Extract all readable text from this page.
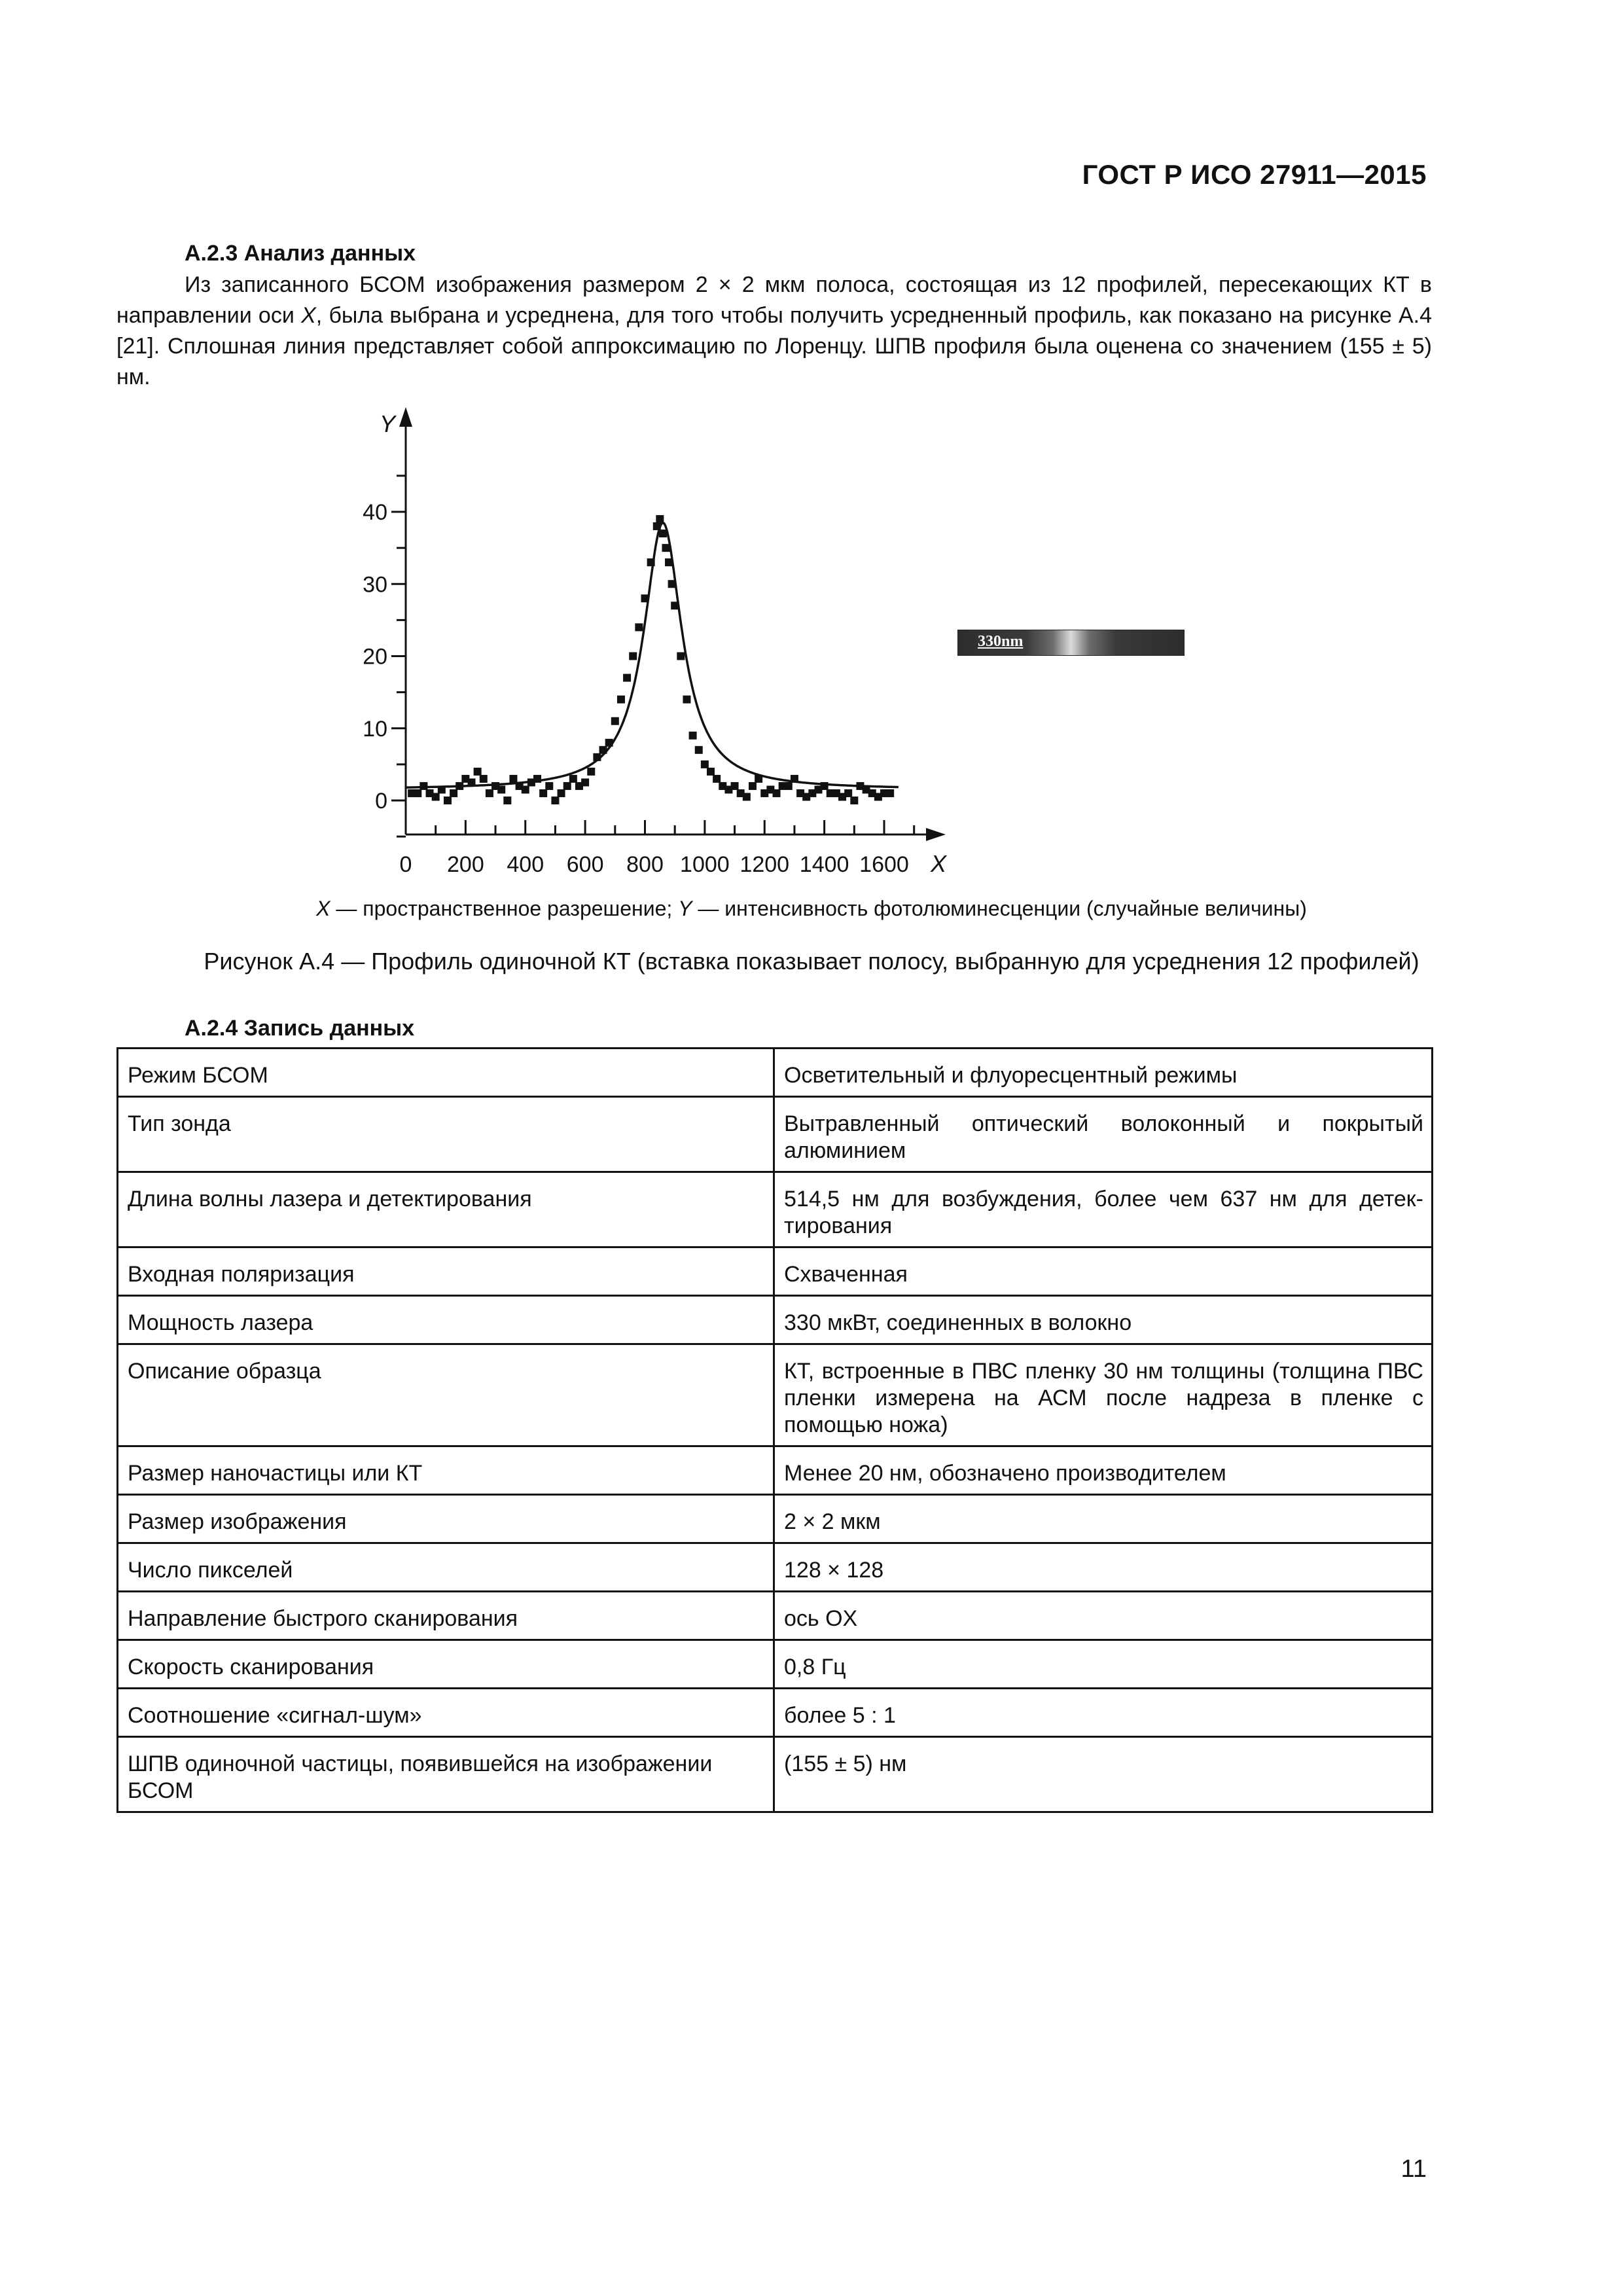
ГОСТ Р ИСО 27911—2015
А.2.3 Анализ данных
Из записанного БСОМ изображения размером 2 × 2 мкм полоса, состоящая из 12 профилей, пересекающих КТ в направлении оси X, была выбрана и усреднена, для того чтобы получить усредненный профиль, как показано на рисунке А.4 [21]. Сплошная линия представляет собой аппроксимацию по Лоренцу. ШПВ профиля была оценена со значением (155 ± 5) нм.
X
Y
0 200 400 600 800 1000 1200 1400 1600
0
10
20
30
40
330nm
X — пространственное разрешение; Y — интенсивность фотолюминесценции (случайные величины)
Рисунок А.4 — Профиль одиночной КТ (вставка показывает полосу, выбранную для усреднения 12 профилей)
А.2.4 Запись данных
Режим БСОМ	Осветительный и флуоресцентный режимы
Тип зонда	Вытравленный оптический волоконный и покрытый алюминием
Длина волны лазера и детектирования	514,5 нм для возбуждения, более чем 637 нм для детек-тирования
Входная поляризация	Схваченная
Мощность лазера	330 мкВт, соединенных в волокно
Описание образца	КТ, встроенные в ПВС пленку 30 нм толщины (толщина ПВС пленки измерена на АСМ после надреза в пленке с помощью ножа)
Размер наночастицы или КТ	Менее 20 нм, обозначено производителем
Размер изображения	2 × 2 мкм
Число пикселей	128 × 128
Направление быстрого сканирования	ось OX
Скорость сканирования	0,8 Гц
Соотношение «сигнал-шум»	более 5 : 1
ШПВ одиночной частицы, появившейся на изображении БСОМ	(155 ± 5) нм
11
